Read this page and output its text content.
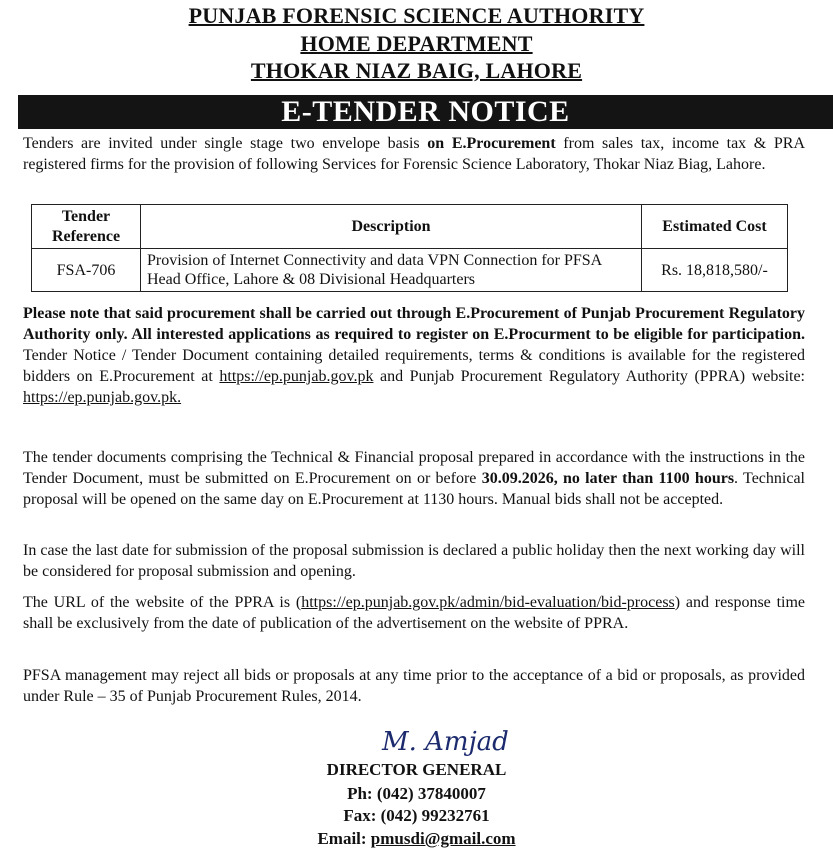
PUNJAB FORENSIC SCIENCE AUTHORITY
HOME DEPARTMENT
THOKAR NIAZ BAIG, LAHORE
E-TENDER NOTICE
Tenders are invited under single stage two envelope basis on E.Procurement from sales tax, income tax & PRA registered firms for the provision of following Services for Forensic Science Laboratory, Thokar Niaz Biag, Lahore.
Tender Reference	Description	Estimated Cost
FSA-706	Provision of Internet Connectivity and data VPN Connection for PFSA Head Office, Lahore & 08 Divisional Headquarters	Rs. 18,818,580/-
Please note that said procurement shall be carried out through E.Procurement of Punjab Procurement Regulatory Authority only. All interested applications as required to register on E.Procurment to be eligible for participation. Tender Notice / Tender Document containing detailed requirements, terms & conditions is available for the registered bidders on E.Procurement at https://ep.punjab.gov.pk and Punjab Procurement Regulatory Authority (PPRA) website: https://ep.punjab.gov.pk.
The tender documents comprising the Technical & Financial proposal prepared in accordance with the instructions in the Tender Document, must be submitted on E.Procurement on or before 30.09.2026, no later than 1100 hours. Technical proposal will be opened on the same day on E.Procurement at 1130 hours. Manual bids shall not be accepted.
In case the last date for submission of the proposal submission is declared a public holiday then the next working day will be considered for proposal submission and opening.
The URL of the website of the PPRA is (https://ep.punjab.gov.pk/admin/bid-evaluation/bid-process) and response time shall be exclusively from the date of publication of the advertisement on the website of PPRA.
PFSA management may reject all bids or proposals at any time prior to the acceptance of a bid or proposals, as provided under Rule – 35 of Punjab Procurement Rules, 2014.
M. Amjad
DIRECTOR GENERAL
Ph: (042) 37840007
Fax: (042) 99232761
Email: pmusdi@gmail.com
